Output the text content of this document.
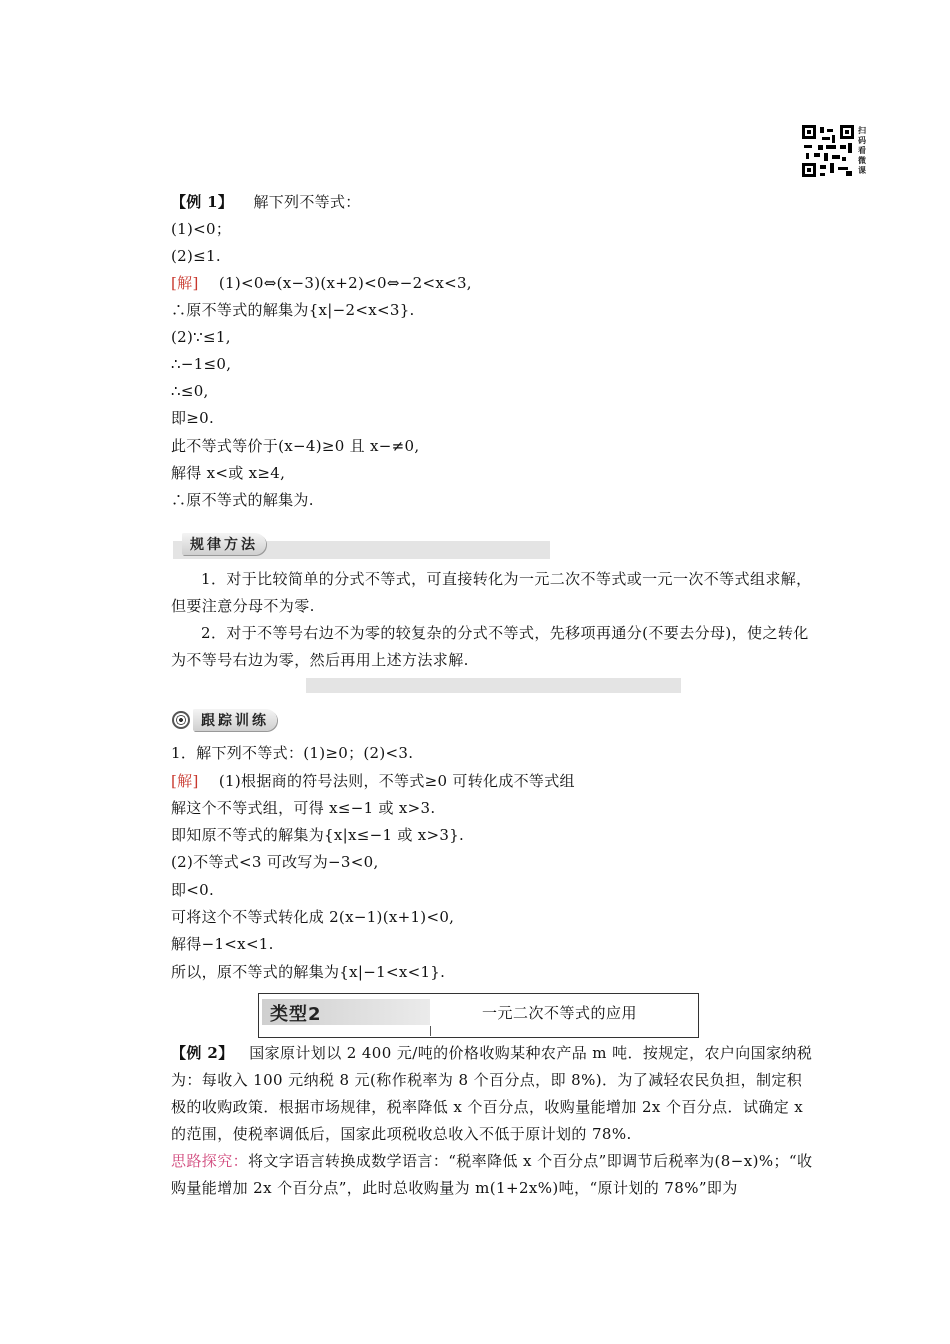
扫
码
看
微
课
【例 1】 解下列不等式：
(1)<0；
(2)≤1.
[解] (1)<0⇔(x−3)(x+2)<0⇔−2<x<3,
∴原不等式的解集为{x|−2<x<3}.
(2)∵≤1,
∴−1≤0,
∴≤0,
即≥0.
此不等式等价于(x−4)≥0 且 x−≠0,
解得 x<或 x≥4,
∴原不等式的解集为.
规律方法
1．对于比较简单的分式不等式，可直接转化为一元二次不等式或一元一次不等式组求解，但要注意分母不为零.
2．对于不等号右边不为零的较复杂的分式不等式，先移项再通分(不要去分母)，使之转化为不等号右边为零，然后再用上述方法求解.
跟踪训练
1．解下列不等式：(1)≥0；(2)<3.
[解] (1)根据商的符号法则，不等式≥0 可转化成不等式组
解这个不等式组，可得 x≤−1 或 x>3.
即知原不等式的解集为{x|x≤−1 或 x>3}.
(2)不等式<3 可改写为−3<0,
即<0.
可将这个不等式转化成 2(x−1)(x+1)<0,
解得−1<x<1.
所以，原不等式的解集为{x|−1<x<1}.
类型2	一元二次不等式的应用
【例 2】 国家原计划以 2 400 元/吨的价格收购某种农产品 m 吨．按规定，农户向国家纳税为：每收入 100 元纳税 8 元(称作税率为 8 个百分点，即 8%)．为了减轻农民负担，制定积极的收购政策．根据市场规律，税率降低 x 个百分点，收购量能增加 2x 个百分点．试确定 x 的范围，使税率调低后，国家此项税收总收入不低于原计划的 78%.
思路探究：将文字语言转换成数学语言：“税率降低 x 个百分点”即调节后税率为(8−x)%；“收购量能增加 2x 个百分点”，此时总收购量为 m(1+2x%)吨，“原计划的 78%”即为
